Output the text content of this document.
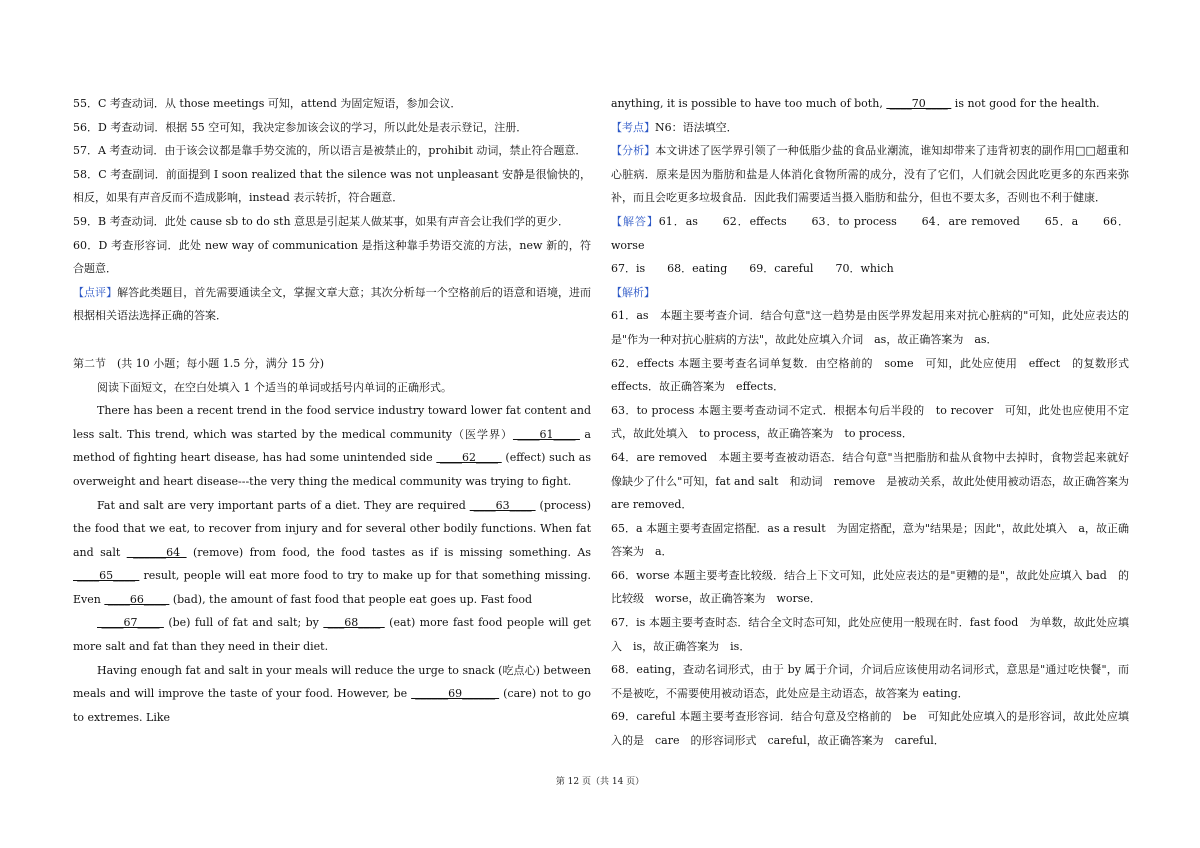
55．C 考查动词．从 those meetings 可知，attend 为固定短语，参加会议．

56．D 考查动词．根据 55 空可知，我决定参加该会议的学习，所以此处是表示登记，注册．

57．A 考查动词．由于该会议都是靠手势交流的，所以语言是被禁止的，prohibit 动词，禁止符合题意．

58．C 考查副词．前面提到 I soon realized that the silence was not unpleasant 安静是很愉快的，相反，如果有声音反而不造成影响，instead 表示转折，符合题意．

59．B 考查动词．此处 cause sb to do sth 意思是引起某人做某事，如果有声音会让我们学的更少．

60．D 考查形容词．此处 new way of communication 是指这种靠手势语交流的方法，new 新的，符合题意．

【点评】解答此类题目，首先需要通读全文，掌握文章大意；其次分析每一个空格前后的语意和语境，进而根据相关语法选择正确的答案．

第二节　(共 10 小题；每小题 1.5 分，满分 15 分)

阅读下面短文，在空白处填入 1 个适当的单词或括号内单词的正确形式。

There has been a recent trend in the food service industry toward lower fat content and less salt. This trend, which was started by the medical community（医学界） ____61____  a method of fighting heart disease, has had some unintended side  ____62____  (effect) such as overweight and heart disease---the very thing the medical community was trying to fight.

Fat and salt are very important parts of a diet. They are required  ____63____  (process) the food that we eat, to recover from injury and for several other bodily functions. When fat and salt  ______64  (remove) from food, the food tastes as if is missing something. As  ____65____  result, people will eat more food to try to make up for that something missing. Even  ____66____  (bad), the amount of fast food that people eat goes up. Fast food

____67____  (be) full of fat and salt; by  ___68____  (eat) more fast food people will get more salt and fat than they need in their diet.

Having enough fat and salt in your meals will reduce the urge to snack (吃点心) between meals and will improve the taste of your food. However, be  ______69______  (care) not to go to extremes. Like

anything, it is possible to have too much of both,  ____70____  is not good for the health.

【考点】N6：语法填空．

【分析】本文讲述了医学界引领了一种低脂少盐的食品业潮流，谁知却带来了违背初衷的副作用□□超重和心脏病．原来是因为脂肪和盐是人体消化食物所需的成分，没有了它们，人们就会因此吃更多的东西来弥补，而且会吃更多垃圾食品．因此我们需要适当摄入脂肪和盐分，但也不要太多，否则也不利于健康．

【解答】61．as　　62．effects　　63．to process　　64．are removed　　65．a　　66．worse

67．is　　68．eating　　69．careful　　70．which

【解析】

61．as　本题主要考查介词．结合句意"这一趋势是由医学界发起用来对抗心脏病的"可知，此处应表达的是"作为一种对抗心脏病的方法"，故此处应填入介词　as，故正确答案为　as．

62．effects 本题主要考查名词单复数．由空格前的　some　可知，此处应使用　effect　的复数形式 effects．故正确答案为　effects．

63．to process 本题主要考查动词不定式．根据本句后半段的　to recover　可知，此处也应使用不定式，故此处填入　to process，故正确答案为　to process．

64．are removed　本题主要考查被动语态．结合句意"当把脂肪和盐从食物中去掉时，食物尝起来就好像缺少了什么"可知，fat and salt　和动词　remove　是被动关系，故此处使用被动语态，故正确答案为　are removed．

65．a 本题主要考查固定搭配．as a result　为固定搭配，意为"结果是；因此"，故此处填入　a，故正确答案为　a．

66．worse 本题主要考查比较级．结合上下文可知，此处应表达的是"更糟的是"，故此处应填入 bad　的比较级　worse，故正确答案为　worse．

67．is 本题主要考查时态．结合全文时态可知，此处应使用一般现在时．fast food　为单数，故此处应填入　is，故正确答案为　is．

68．eating，查动名词形式，由于 by 属于介词，介词后应该使用动名词形式，意思是"通过吃快餐"，而不是被吃，不需要使用被动语态，此处应是主动语态，故答案为 eating．

69．careful 本题主要考查形容词．结合句意及空格前的　be　可知此处应填入的是形容词，故此处应填入的是　care　的形容词形式　careful，故正确答案为　careful．

第 12 页（共 14 页）
